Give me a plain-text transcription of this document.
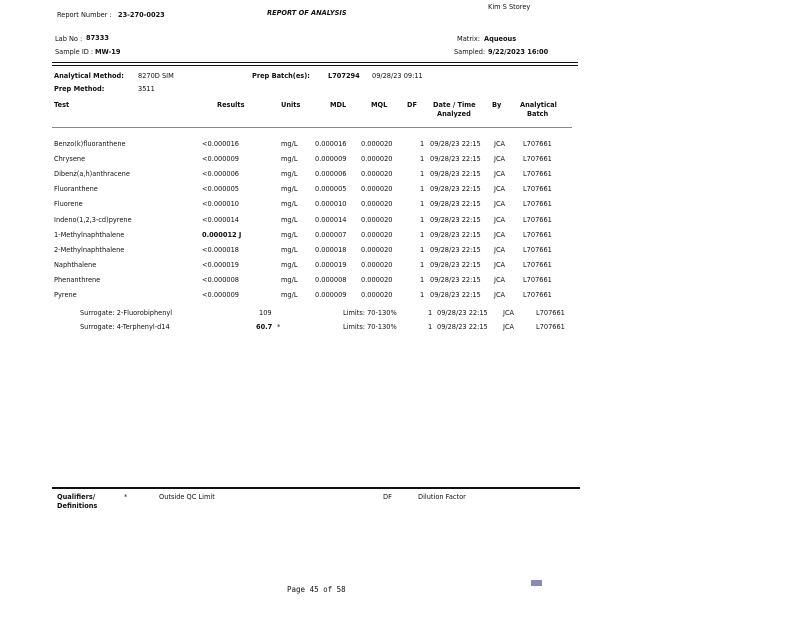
Report Number : 23-270-0023	REPORT OF ANALYSIS
Kim S Storey
Lab No : 87333
Sample ID : MW-19
Matrix: Aqueous
Sampled: 9/22/2023 16:00
Analytical Method: 8270D SIM	Prep Batch(es):	L707294 09/28/23 09:11
Prep Method:	3511
Test	Results	Units	MDL	MQL	DF Date / Time
Analyzed
By	Analytical
Batch
Benzo(k)fluoranthene	<0.000016	mg/L	0.000016 0.000020	1 09/28/23 22:15 JCA	L707661
Chrysene	<0.000009	mg/L	0.000009 0.000020	1 09/28/23 22:15 JCA	L707661
Dibenz(a,h)anthracene	<0.000006	mg/L	0.000006 0.000020	1 09/28/23 22:15 JCA	L707661
Fluoranthene	<0.000005	mg/L	0.000005 0.000020	1 09/28/23 22:15 JCA	L707661
Fluorene	<0.000010	mg/L	0.000010 0.000020	1 09/28/23 22:15 JCA	L707661
Indeno(1,2,3-cd)pyrene	<0.000014	mg/L	0.000014 0.000020	1 09/28/23 22:15 JCA	L707661
1-Methylnaphthalene	0.000012 J	mg/L	0.000007 0.000020	1 09/28/23 22:15 JCA	L707661
2-Methylnaphthalene	<0.000018	mg/L	0.000018 0.000020	1 09/28/23 22:15 JCA	L707661
Naphthalene	<0.000019	mg/L	0.000019 0.000020	1 09/28/23 22:15 JCA	L707661
Phenanthrene	<0.000008	mg/L	0.000008 0.000020	1 09/28/23 22:15 JCA	L707661
Pyrene	<0.000009	mg/L	0.000009 0.000020	1 09/28/23 22:15 JCA	L707661
Surrogate: 2-Fluorobiphenyl	109	Limits: 70-130%	1 09/28/23 22:15 JCA	L707661
Surrogate: 4-Terphenyl-d14	60.7 *	Limits: 70-130%	1 09/28/23 22:15 JCA	L707661
Qualifiers/
Definitions
*	Outside QC Limit	DF	Dilution Factor
Page 45 of 58
